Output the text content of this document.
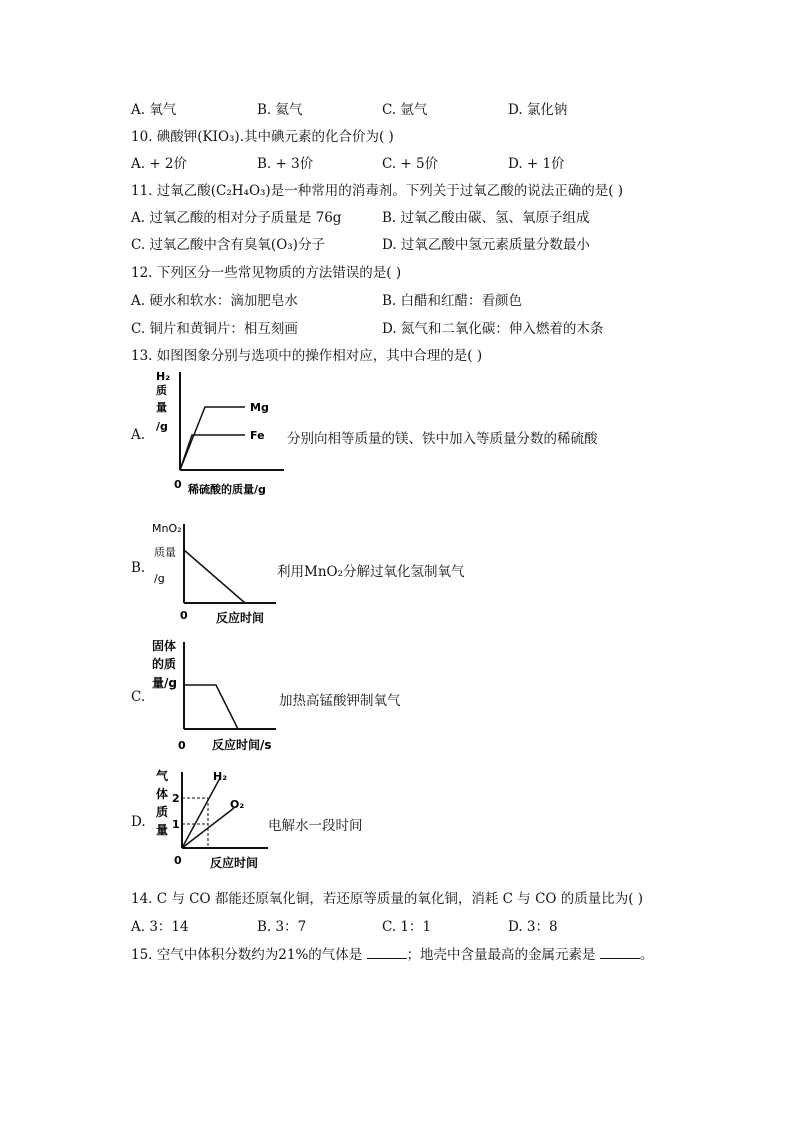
A. 氧气	B. 氦气	C. 氩气	D. 氯化钠
10. 碘酸钾(KIO₃).其中碘元素的化合价为( )
A. + 2价	B. + 3价	C. + 5价	D. + 1价
11. 过氧乙酸(C₂H₄O₃)是一种常用的消毒剂。下列关于过氧乙酸的说法正确的是( )
A. 过氧乙酸的相对分子质量是 76g	B. 过氧乙酸由碳、氢、氧原子组成
C. 过氧乙酸中含有臭氧(O₃)分子	D. 过氧乙酸中氢元素质量分数最小
12. 下列区分一些常见物质的方法错误的是( )
A. 硬水和软水：滴加肥皂水	B. 白醋和红醋：看颜色
C. 铜片和黄铜片：相互刻画	D. 氮气和二氧化碳：伸入燃着的木条
13. 如图图象分别与选项中的操作相对应，其中合理的是( )
A.
H₂
质
量
/g
Mg
Fe
0 稀硫酸的质量/g
分别向相等质量的镁、铁中加入等质量分数的稀硫酸
B.
MnO₂
质量
/g
0 反应时间
利用MnO₂分解过氧化氢制氧气
C.
固体
的质
量/g
0 反应时间/s
加热高锰酸钾制氧气
D.
气
体
质
量
2
1
H₂
O₂
0 反应时间
电解水一段时间
14. C 与 CO 都能还原氧化铜，若还原等质量的氧化铜，消耗 C 与 CO 的质量比为( )
A. 3：14	B. 3：7	C. 1：1	D. 3：8
15. 空气中体积分数约为21%的气体是	；地壳中含量最高的金属元素是	。
